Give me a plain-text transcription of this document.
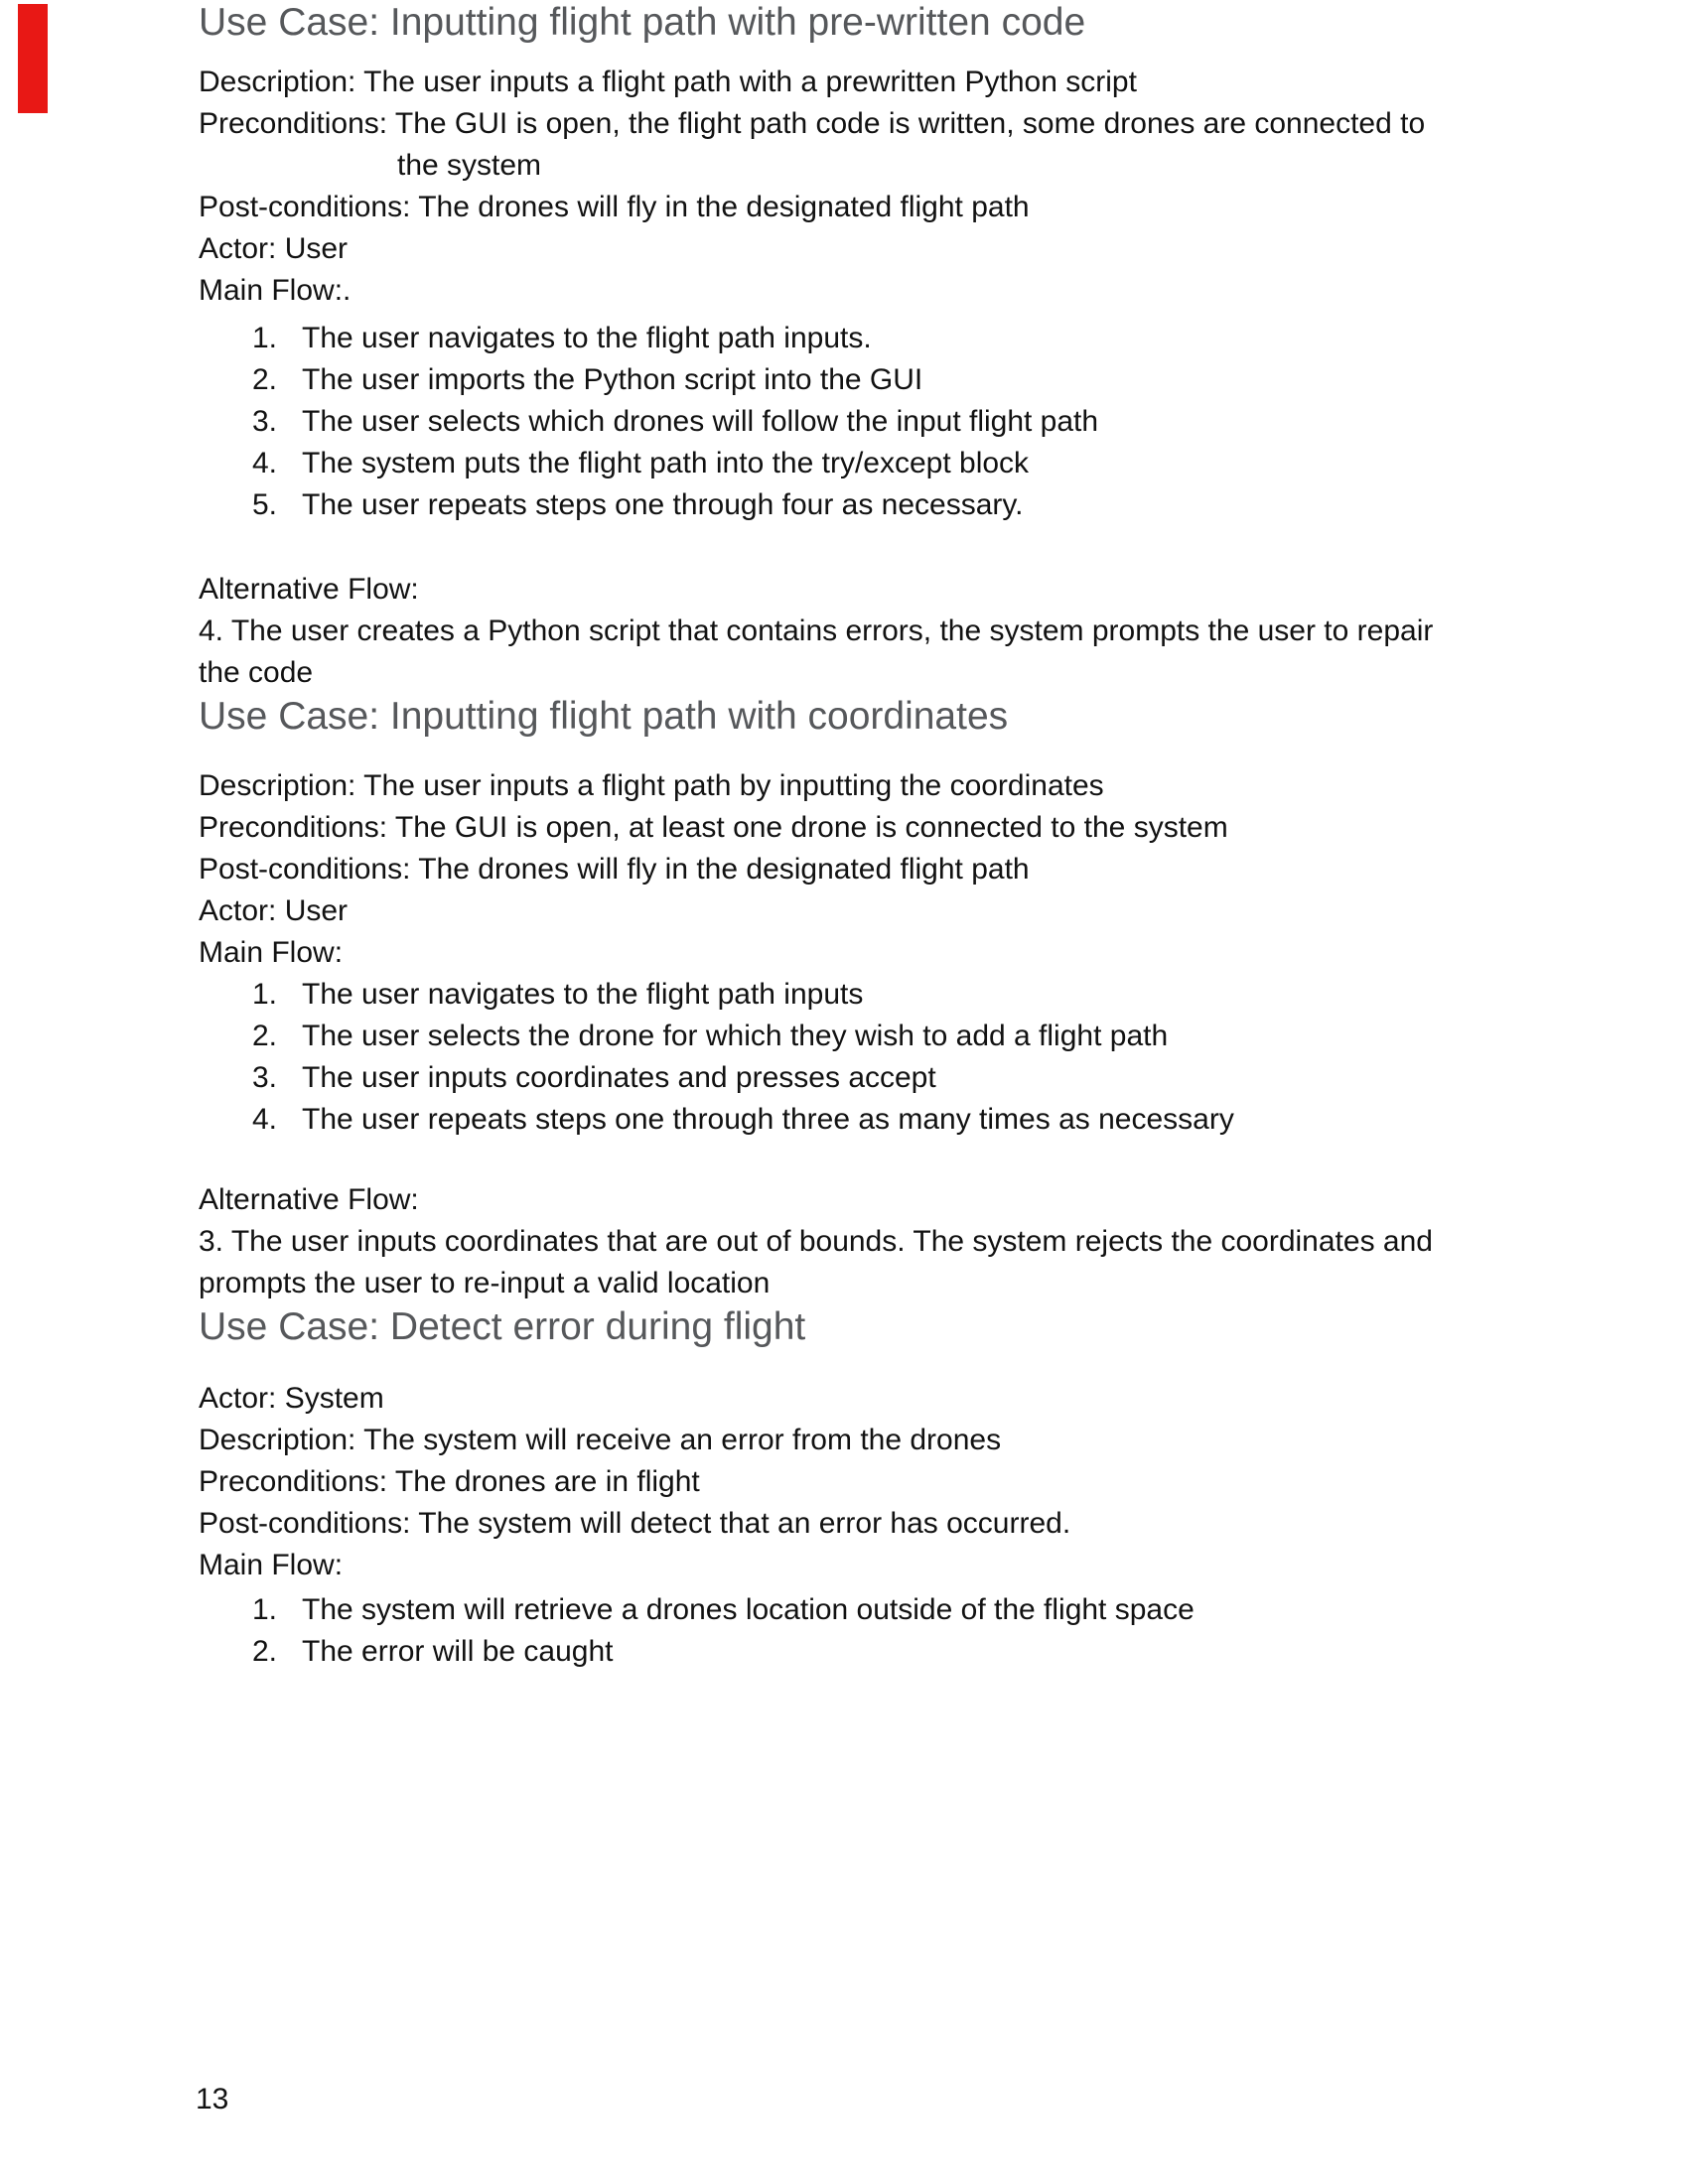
Use Case: Inputting flight path with pre-written code
Description: The user inputs a flight path with a prewritten Python script
Preconditions: The GUI is open, the flight path code is written, some drones are connected to
the system
Post-conditions: The drones will fly in the designated flight path
Actor: User
Main Flow:.
1. The user navigates to the flight path inputs.
2. The user imports the Python script into the GUI
3. The user selects which drones will follow the input flight path
4. The system puts the flight path into the try/except block
5. The user repeats steps one through four as necessary.
Alternative Flow:
4. The user creates a Python script that contains errors, the system prompts the user to repair
the code
Use Case: Inputting flight path with coordinates
Description: The user inputs a flight path by inputting the coordinates
Preconditions: The GUI is open, at least one drone is connected to the system
Post-conditions: The drones will fly in the designated flight path
Actor: User
Main Flow:
1. The user navigates to the flight path inputs
2. The user selects the drone for which they wish to add a flight path
3. The user inputs coordinates and presses accept
4. The user repeats steps one through three as many times as necessary
Alternative Flow:
3. The user inputs coordinates that are out of bounds. The system rejects the coordinates and
prompts the user to re-input a valid location
Use Case: Detect error during flight
Actor: System
Description: The system will receive an error from the drones
Preconditions: The drones are in flight
Post-conditions: The system will detect that an error has occurred.
Main Flow:
1. The system will retrieve a drones location outside of the flight space
2. The error will be caught
13
